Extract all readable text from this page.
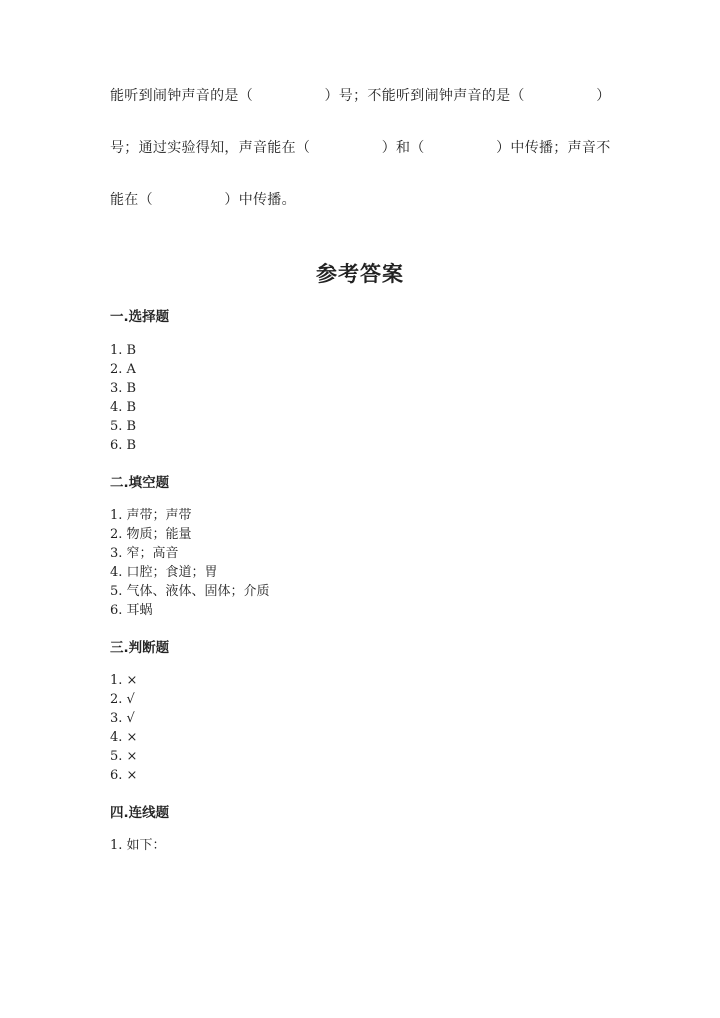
能听到闹钟声音的是（　　　　　）号；不能听到闹钟声音的是（　　　　　）
号；通过实验得知，声音能在（　　　　　）和（　　　　　）中传播；声音不
能在（　　　　　）中传播。
参考答案
一.选择题
1. B
2. A
3. B
4. B
5. B
6. B
二.填空题
1. 声带；声带
2. 物质；能量
3. 窄；高音
4. 口腔；食道；胃
5. 气体、液体、固体；介质
6. 耳蜗
三.判断题
1. ×
2. √
3. √
4. ×
5. ×
6. ×
四.连线题
1. 如下：
